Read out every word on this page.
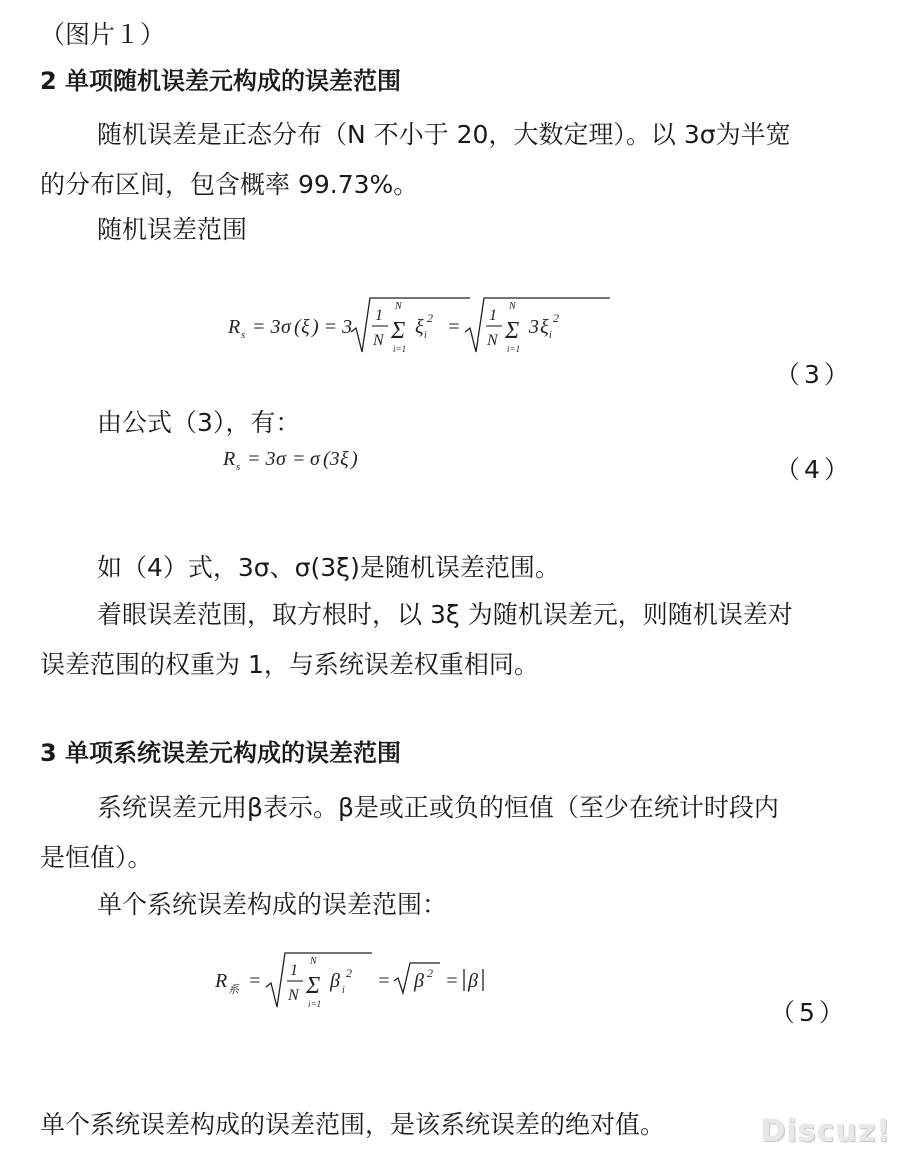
（图片１）
2 单项随机误差元构成的误差范围
随机误差是正态分布（N 不小于 20，大数定理）。以 3σ为半宽
的分布区间，包含概率 99.73%。
随机误差范围
R s = 3 σ ( ξ ) = 3
1
N
N
Σ
i=1
ξ i
2 =
1
N
N
Σ
i=1
3 ξ i
2
（3）
由公式（3），有：
R s = 3 σ = σ (3 ξ )	（4）
如（4）式，3σ、σ(3ξ)是随机误差范围。
着眼误差范围，取方根时，以 3ξ 为随机误差元，则随机误差对
误差范围的权重为 1，与系统误差权重相同。
3 单项系统误差元构成的误差范围
系统误差元用β表示。β是或正或负的恒值（至少在统计时段内
是恒值）。
单个系统误差构成的误差范围：
R 系 = 1
N
N
Σ
i=1
β i
2 = β 2 = β
（5）
单个系统误差构成的误差范围，是该系统误差的绝对值。	Discuz!
